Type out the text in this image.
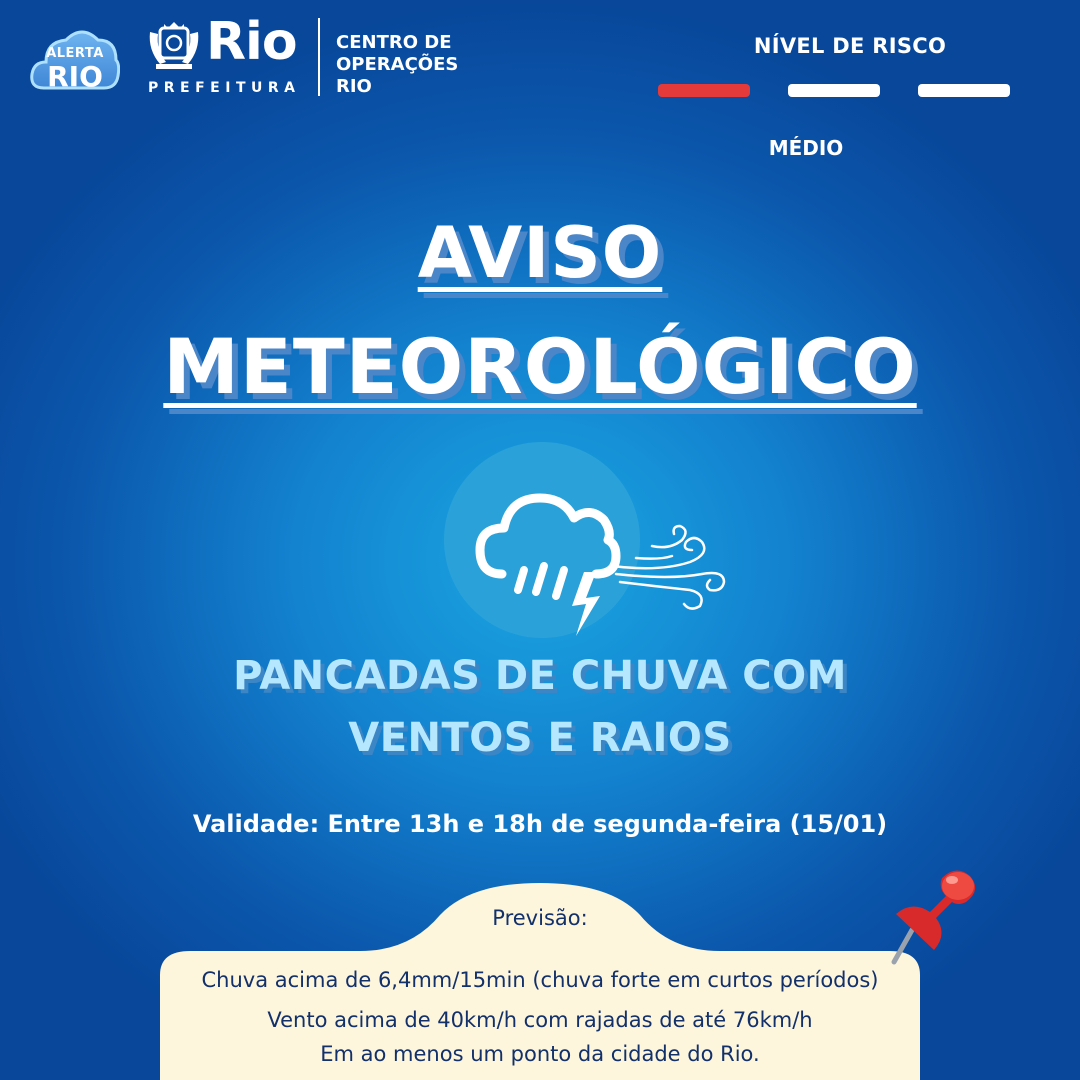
ALERTA
RIO
Rio
PREFEITURA
CENTRO DE
OPERAÇÕES
RIO
NÍVEL DE RISCO
MÉDIO
AVISO
METEOROLÓGICO
PANCADAS DE CHUVA COM
VENTOS E RAIOS
Validade: Entre 13h e 18h de segunda-feira (15/01)
Previsão:
Chuva acima de 6,4mm/15min (chuva forte em curtos períodos)
Vento acima de 40km/h com rajadas de até 76km/h
Em ao menos um ponto da cidade do Rio.
